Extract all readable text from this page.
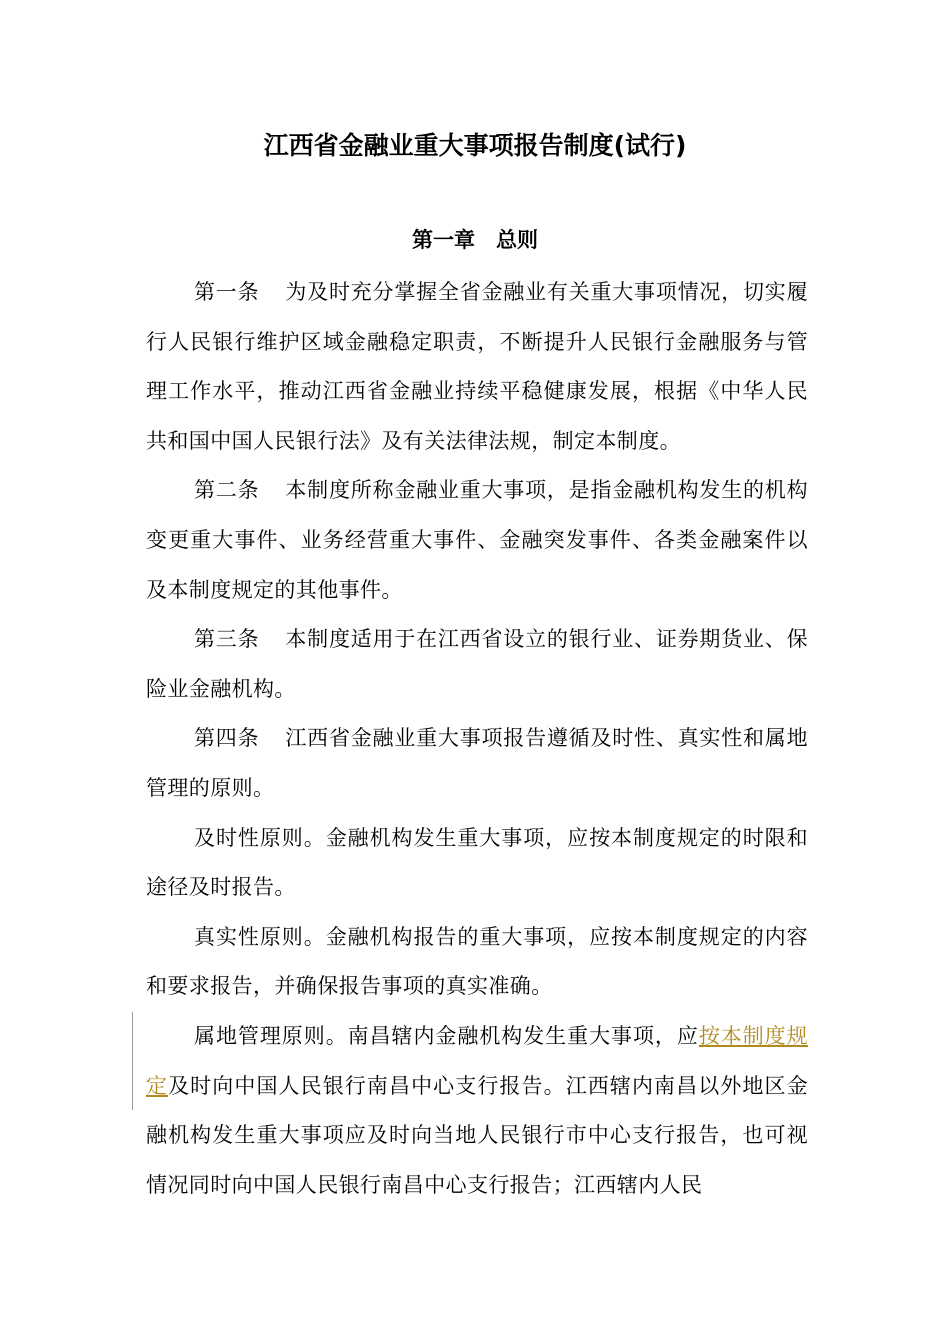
江西省金融业重大事项报告制度(试行)
第一章　总则

第一条 为及时充分掌握全省金融业有关重大事项情况，切实履行人民银行维护区域金融稳定职责，不断提升人民银行金融服务与管理工作水平，推动江西省金融业持续平稳健康发展，根据《中华人民共和国中国人民银行法》及有关法律法规，制定本制度。

第二条 本制度所称金融业重大事项，是指金融机构发生的机构变更重大事件、业务经营重大事件、金融突发事件、各类金融案件以及本制度规定的其他事件。

第三条 本制度适用于在江西省设立的银行业、证券期货业、保险业金融机构。

第四条 江西省金融业重大事项报告遵循及时性、真实性和属地管理的原则。

及时性原则。金融机构发生重大事项，应按本制度规定的时限和途径及时报告。

真实性原则。金融机构报告的重大事项，应按本制度规定的内容和要求报告，并确保报告事项的真实准确。

属地管理原则。南昌辖内金融机构发生重大事项，应按本制度规定及时向中国人民银行南昌中心支行报告。江西辖内南昌以外地区金融机构发生重大事项应及时向当地人民银行市中心支行报告，也可视情况同时向中国人民银行南昌中心支行报告；江西辖内人民
